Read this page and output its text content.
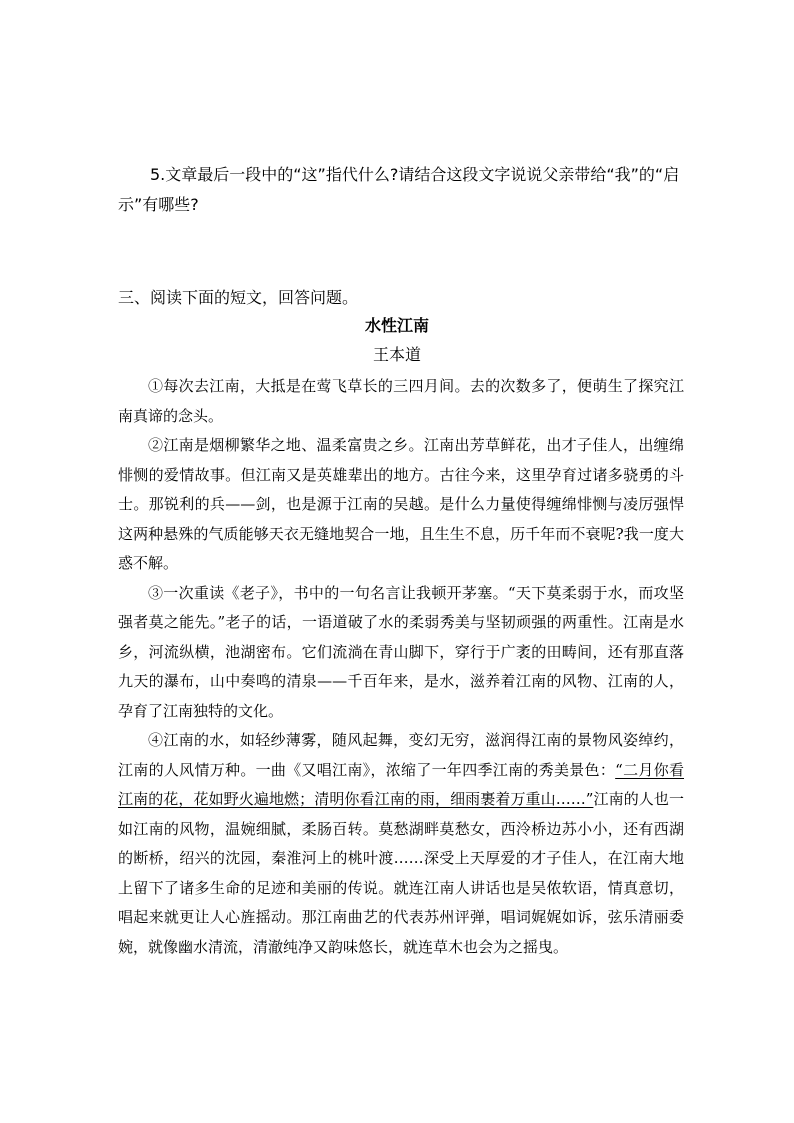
5.文章最后一段中的“这”指代什么?请结合这段文字说说父亲带给“我”的“启示”有哪些?
三、阅读下面的短文，回答问题。
水性江南
王本道

①每次去江南，大抵是在莺飞草长的三四月间。去的次数多了，便萌生了探究江南真谛的念头。

②江南是烟柳繁华之地、温柔富贵之乡。江南出芳草鲜花，出才子佳人，出缠绵悱恻的爱情故事。但江南又是英雄辈出的地方。古往今来，这里孕育过诸多骁勇的斗士。那锐利的兵——剑，也是源于江南的吴越。是什么力量使得缠绵悱恻与凌厉强悍这两种悬殊的气质能够天衣无缝地契合一地，且生生不息，历千年而不衰呢?我一度大惑不解。

③一次重读《老子》，书中的一句名言让我顿开茅塞。“天下莫柔弱于水，而攻坚强者莫之能先。”老子的话，一语道破了水的柔弱秀美与坚韧顽强的两重性。江南是水乡，河流纵横，池湖密布。它们流淌在青山脚下，穿行于广袤的田畴间，还有那直落九天的瀑布，山中奏鸣的清泉——千百年来，是水，滋养着江南的风物、江南的人，孕育了江南独特的文化。

④江南的水，如轻纱薄雾，随风起舞，变幻无穷，滋润得江南的景物风姿绰约，江南的人风情万种。一曲《又唱江南》，浓缩了一年四季江南的秀美景色：“二月你看江南的花，花如野火遍地燃；清明你看江南的雨，细雨裹着万重山……”江南的人也一如江南的风物，温婉细腻，柔肠百转。莫愁湖畔莫愁女，西泠桥边苏小小，还有西湖的断桥，绍兴的沈园，秦淮河上的桃叶渡……深受上天厚爱的才子佳人，在江南大地上留下了诸多生命的足迹和美丽的传说。就连江南人讲话也是吴侬软语，情真意切，唱起来就更让人心旌摇动。那江南曲艺的代表苏州评弹，唱词娓娓如诉，弦乐清丽委婉，就像幽水清流，清澈纯净又韵味悠长，就连草木也会为之摇曳。
